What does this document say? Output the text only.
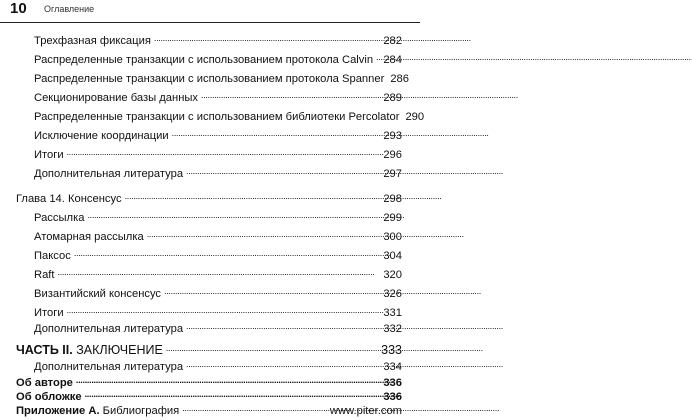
10 Оглавление
Трехфазная фиксация . . .	282
Распределенные транзакции с использованием протокола Calvin . . . 284
Распределенные транзакции с использованием протокола Spanner 286
Секционирование базы данных . . .	289
Распределенные транзакции с использованием библиотеки Percolator 290
Исключение координации . . .	293
Итоги . . .	296
Дополнительная литература . . .	297
Глава 14. Консенсус . . .	298
Рассылка . . .	299
Атомарная рассылка . . .	300
Паксос . . .	304
Raft . . .	320
Византийский консенсус . . .	326
Итоги . . .	331
Дополнительная литература . . .	332
ЧАСТЬ II. ЗАКЛЮЧЕНИЕ . . .	333
Дополнительная литература . . .	334
Об авторе . . .	336
Об обложке . . .	336
Приложение А. Библиография . . .	www.piter.com
